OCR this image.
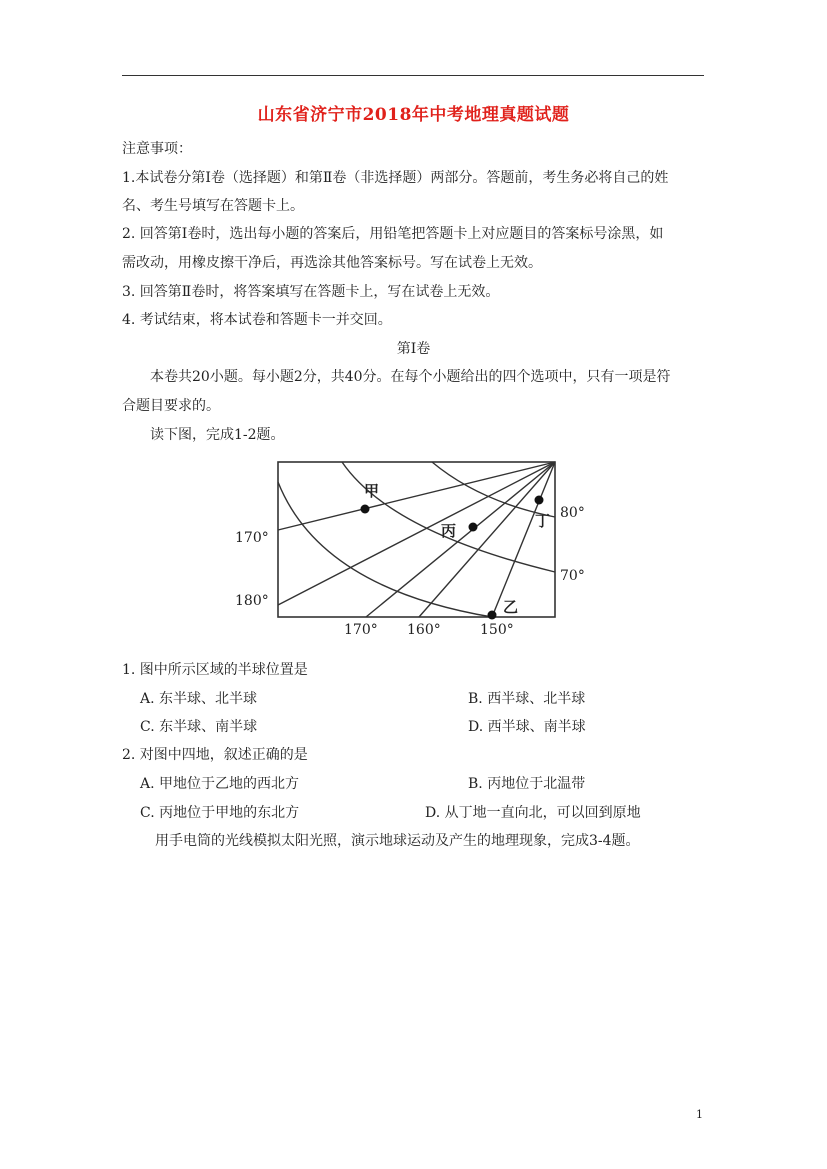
山东省济宁市2018年中考地理真题试题
注意事项：
1.本试卷分第Ⅰ卷（选择题）和第Ⅱ卷（非选择题）两部分。答题前，考生务必将自己的姓
名、考生号填写在答题卡上。
2. 回答第Ⅰ卷时，选出每小题的答案后，用铅笔把答题卡上对应题目的答案标号涂黑，如
需改动，用橡皮擦干净后，再选涂其他答案标号。写在试卷上无效。
3. 回答第Ⅱ卷时，将答案填写在答题卡上，写在试卷上无效。
4. 考试结束，将本试卷和答题卡一并交回。
第Ⅰ卷
本卷共20小题。每小题2分，共40分。在每个小题给出的四个选项中，只有一项是符
合题目要求的。
读下图，完成1-2题。
甲
丙
丁
乙
170°
180°
170° 160°	150°
80°
70°
1. 图中所示区域的半球位置是
A. 东半球、北半球	B. 西半球、北半球
C. 东半球、南半球	D. 西半球、南半球
2. 对图中四地，叙述正确的是
A. 甲地位于乙地的西北方	B. 丙地位于北温带
C. 丙地位于甲地的东北方	D. 从丁地一直向北，可以回到原地
用手电筒的光线模拟太阳光照，演示地球运动及产生的地理现象，完成3-4题。
1
